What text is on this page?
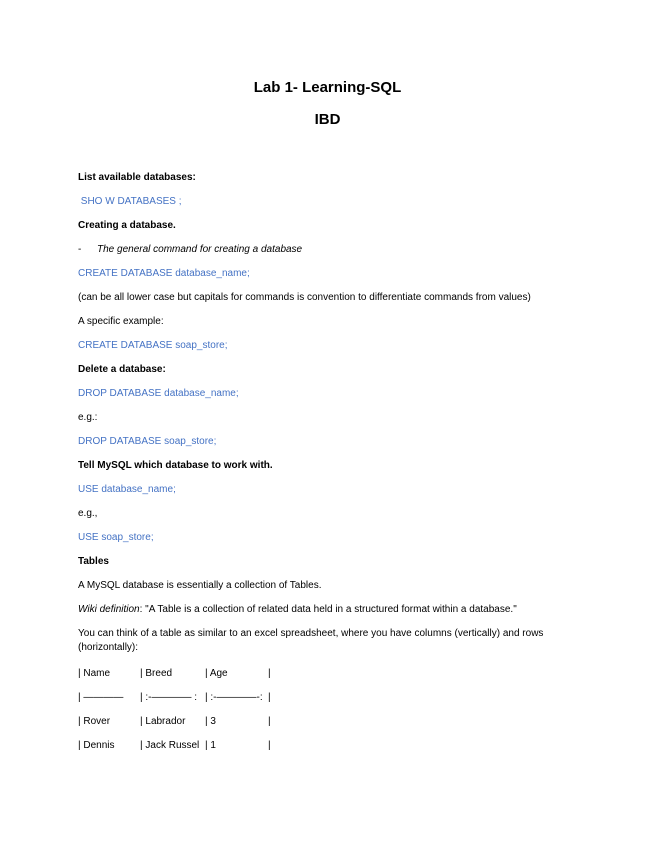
Lab 1- Learning-SQL
IBD
List available databases:
SHO W DATABASES ;
Creating a database.
-	The general command for creating a database
CREATE DATABASE database_name;
(can be all lower case but capitals for commands is convention to differentiate commands from values)
A specific example:
CREATE DATABASE soap_store;
Delete a database:
DROP DATABASE database_name;
e.g.:
DROP DATABASE soap_store;
Tell MySQL which database to work with.
USE database_name;
e.g.,
USE soap_store;
Tables
A MySQL database is essentially a collection of Tables.
Wiki definition: "A Table is a collection of related data held in a structured format within a database."
You can think of a table as similar to an excel spreadsheet, where you have columns (vertically) and rows (horizontally):
| Name	| Breed	| Age	|
| ———— | :-———— : | :-————-: |
| Rover	| Labrador | 3	|
| Dennis	| Jack Russel | 1	|
